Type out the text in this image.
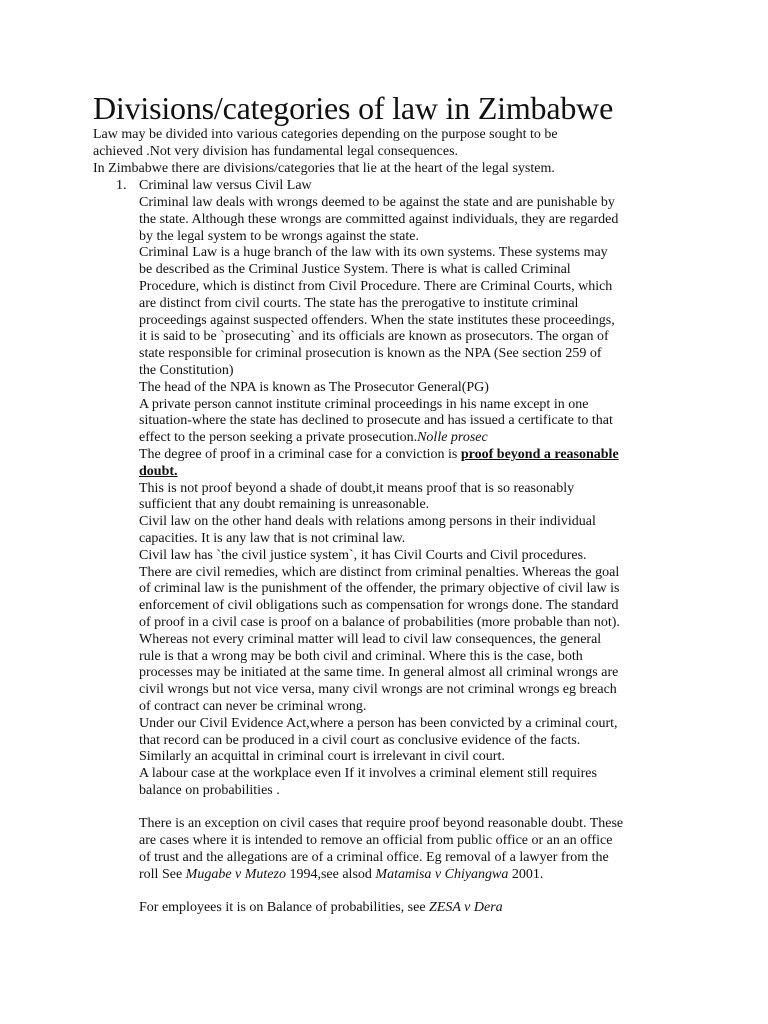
Divisions/categories of law in Zimbabwe
Law may be divided into various categories depending on the purpose sought to be
achieved .Not very division has fundamental legal consequences.
In Zimbabwe there are divisions/categories that lie at the heart of the legal system.
1. Criminal law versus Civil Law
Criminal law deals with wrongs deemed to be against the state and are punishable by
the state. Although these wrongs are committed against individuals, they are regarded
by the legal system to be wrongs against the state.
Criminal Law is a huge branch of the law with its own systems. These systems may
be described as the Criminal Justice System. There is what is called Criminal
Procedure, which is distinct from Civil Procedure. There are Criminal Courts, which
are distinct from civil courts. The state has the prerogative to institute criminal
proceedings against suspected offenders. When the state institutes these proceedings,
it is said to be `prosecuting` and its officials are known as prosecutors. The organ of
state responsible for criminal prosecution is known as the NPA (See section 259 of
the Constitution)
The head of the NPA is known as The Prosecutor General(PG)
A private person cannot institute criminal proceedings in his name except in one
situation-where the state has declined to prosecute and has issued a certificate to that
effect to the person seeking a private prosecution.Nolle prosec
The degree of proof in a criminal case for a conviction is proof beyond a reasonable
doubt.
This is not proof beyond a shade of doubt,it means proof that is so reasonably
sufficient that any doubt remaining is unreasonable.
Civil law on the other hand deals with relations among persons in their individual
capacities. It is any law that is not criminal law.
Civil law has `the civil justice system`, it has Civil Courts and Civil procedures.
There are civil remedies, which are distinct from criminal penalties. Whereas the goal
of criminal law is the punishment of the offender, the primary objective of civil law is
enforcement of civil obligations such as compensation for wrongs done. The standard
of proof in a civil case is proof on a balance of probabilities (more probable than not).
Whereas not every criminal matter will lead to civil law consequences, the general
rule is that a wrong may be both civil and criminal. Where this is the case, both
processes may be initiated at the same time. In general almost all criminal wrongs are
civil wrongs but not vice versa, many civil wrongs are not criminal wrongs eg breach
of contract can never be criminal wrong.
Under our Civil Evidence Act,where a person has been convicted by a criminal court,
that record can be produced in a civil court as conclusive evidence of the facts.
Similarly an acquittal in criminal court is irrelevant in civil court.
A labour case at the workplace even If it involves a criminal element still requires
balance on probabilities .
There is an exception on civil cases that require proof beyond reasonable doubt. These
are cases where it is intended to remove an official from public office or an an office
of trust and the allegations are of a criminal office. Eg removal of a lawyer from the
roll See Mugabe v Mutezo 1994,see alsod Matamisa v Chiyangwa 2001.
For employees it is on Balance of probabilities, see ZESA v Dera
